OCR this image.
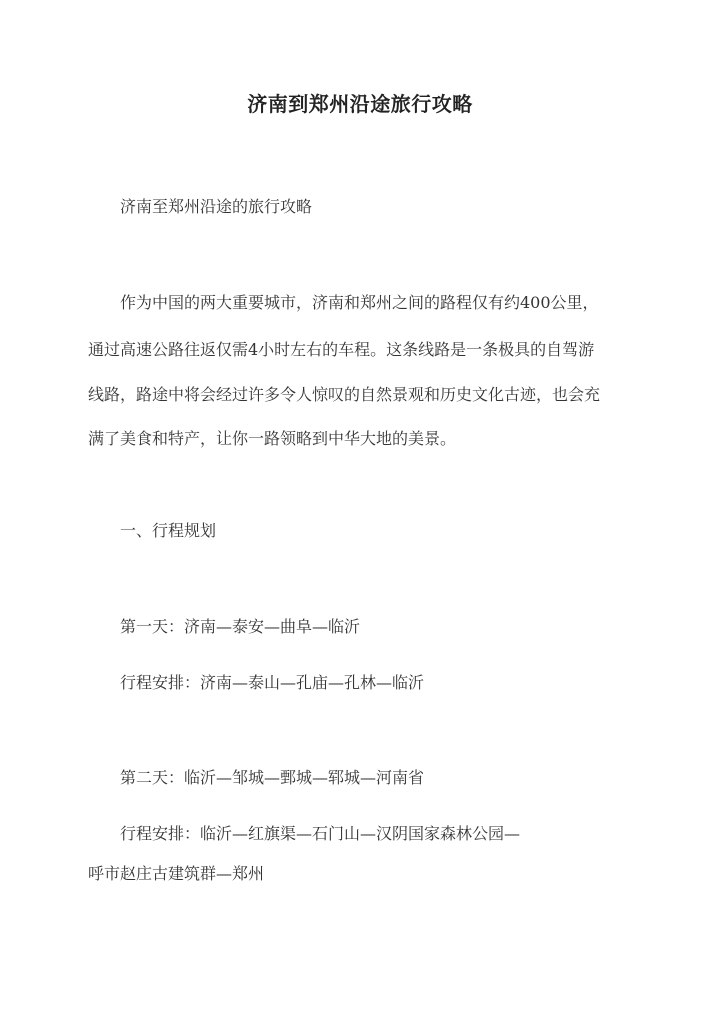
济南到郑州沿途旅行攻略
济南至郑州沿途的旅行攻略
作为中国的两大重要城市，济南和郑州之间的路程仅有约400公里，
通过高速公路往返仅需4小时左右的车程。这条线路是一条极具的自驾游
线路，路途中将会经过许多令人惊叹的自然景观和历史文化古迹，也会充
满了美食和特产，让你一路领略到中华大地的美景。
一、行程规划
第一天：济南—泰安—曲阜—临沂
行程安排：济南—泰山—孔庙—孔林—临沂
第二天：临沂—邹城—鄄城—郓城—河南省
行程安排：临沂—红旗渠—石门山—汉阴国家森林公园—
呼市赵庄古建筑群—郑州
